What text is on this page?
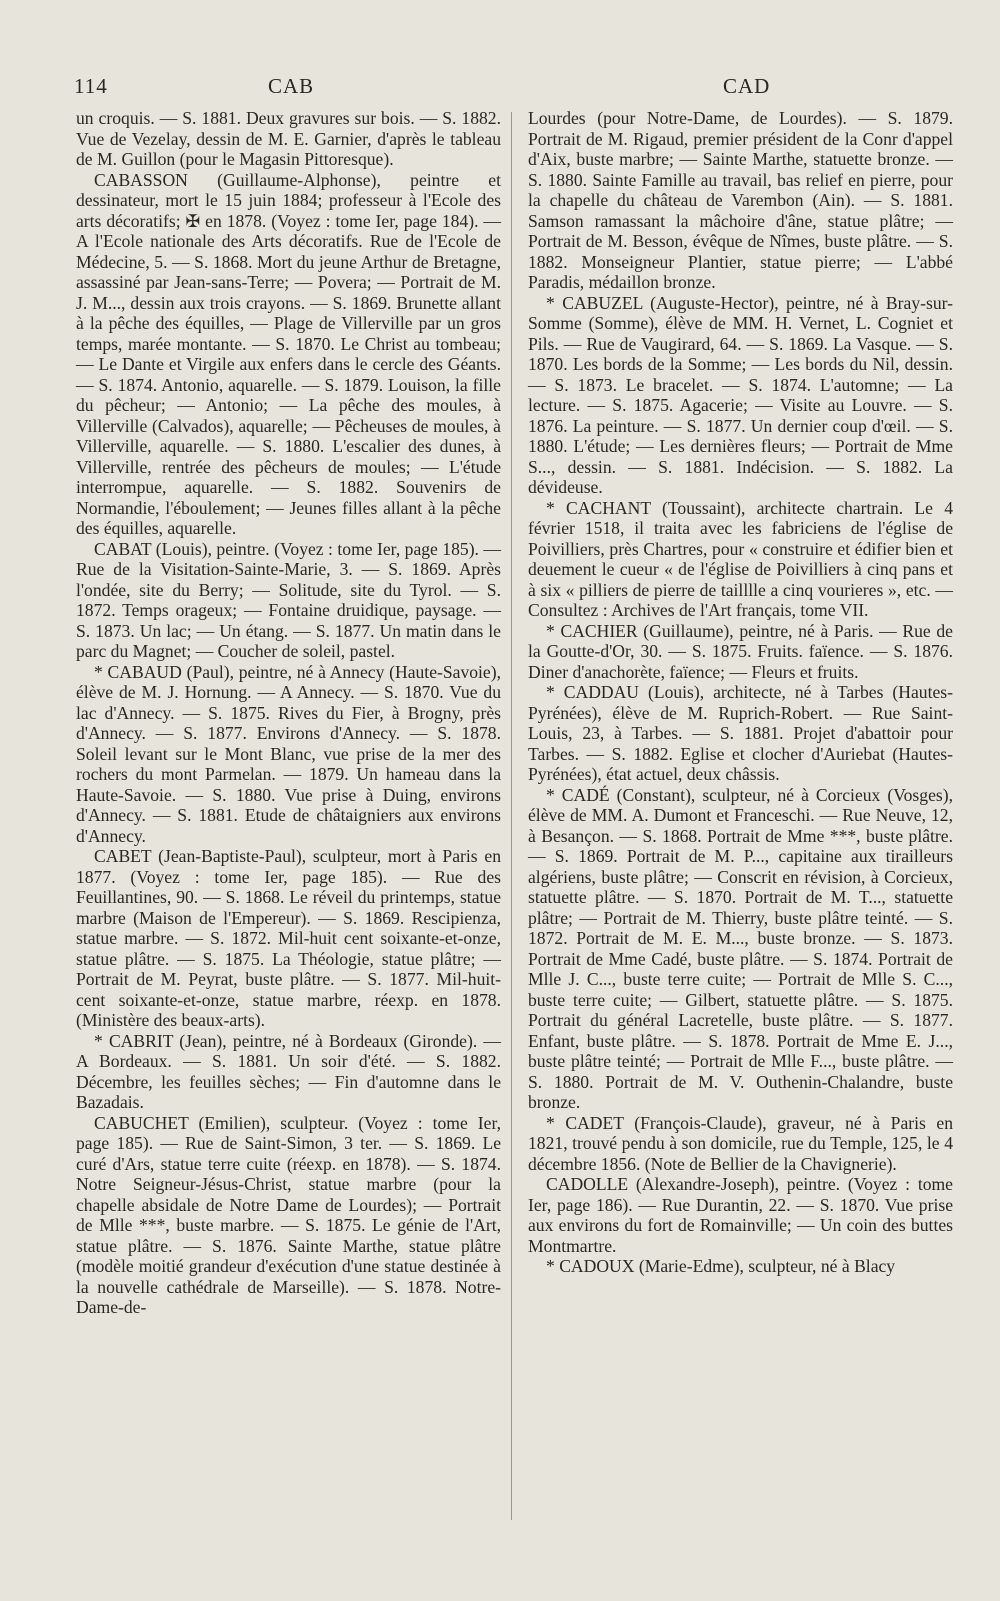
114	CAB	CAD

un croquis. — S. 1881. Deux gravures sur bois. — S. 1882. Vue de Vezelay, dessin de M. E. Garnier, d'après le tableau de M. Guillon (pour le Magasin Pittoresque).

CABASSON (Guillaume-Alphonse), peintre et dessinateur, mort le 15 juin 1884; professeur à l'Ecole des arts décoratifs; ✠ en 1878. (Voyez : tome Ier, page 184). — A l'Ecole nationale des Arts décoratifs. Rue de l'Ecole de Médecine, 5. — S. 1868. Mort du jeune Arthur de Bretagne, assassiné par Jean-sans-Terre; — Povera; — Portrait de M. J. M..., dessin aux trois crayons. — S. 1869. Brunette allant à la pêche des équilles, — Plage de Villerville par un gros temps, marée montante. — S. 1870. Le Christ au tombeau; — Le Dante et Virgile aux enfers dans le cercle des Géants. — S. 1874. Antonio, aquarelle. — S. 1879. Louison, la fille du pêcheur; — Antonio; — La pêche des moules, à Villerville (Calvados), aquarelle; — Pêcheuses de moules, à Villerville, aquarelle. — S. 1880. L'escalier des dunes, à Villerville, rentrée des pêcheurs de moules; — L'étude interrompue, aquarelle. — S. 1882. Souvenirs de Normandie, l'éboulement; — Jeunes filles allant à la pêche des équilles, aquarelle.

CABAT (Louis), peintre. (Voyez : tome Ier, page 185). — Rue de la Visitation-Sainte-Marie, 3. — S. 1869. Après l'ondée, site du Berry; — Solitude, site du Tyrol. — S. 1872. Temps orageux; — Fontaine druidique, paysage. — S. 1873. Un lac; — Un étang. — S. 1877. Un matin dans le parc du Magnet; — Coucher de soleil, pastel.

* CABAUD (Paul), peintre, né à Annecy (Haute-Savoie), élève de M. J. Hornung. — A Annecy. — S. 1870. Vue du lac d'Annecy. — S. 1875. Rives du Fier, à Brogny, près d'Annecy. — S. 1877. Environs d'Annecy. — S. 1878. Soleil levant sur le Mont Blanc, vue prise de la mer des rochers du mont Parmelan. — 1879. Un hameau dans la Haute-Savoie. — S. 1880. Vue prise à Duing, environs d'Annecy. — S. 1881. Etude de châtaigniers aux environs d'Annecy.

CABET (Jean-Baptiste-Paul), sculpteur, mort à Paris en 1877. (Voyez : tome Ier, page 185). — Rue des Feuillantines, 90. — S. 1868. Le réveil du printemps, statue marbre (Maison de l'Empereur). — S. 1869. Rescipienza, statue marbre. — S. 1872. Mil-huit cent soixante-et-onze, statue plâtre. — S. 1875. La Théologie, statue plâtre; — Portrait de M. Peyrat, buste plâtre. — S. 1877. Mil-huit-cent soixante-et-onze, statue marbre, réexp. en 1878. (Ministère des beaux-arts).

* CABRIT (Jean), peintre, né à Bordeaux (Gironde). — A Bordeaux. — S. 1881. Un soir d'été. — S. 1882. Décembre, les feuilles sèches; — Fin d'automne dans le Bazadais.

CABUCHET (Emilien), sculpteur. (Voyez : tome Ier, page 185). — Rue de Saint-Simon, 3 ter. — S. 1869. Le curé d'Ars, statue terre cuite (réexp. en 1878). — S. 1874. Notre Seigneur-Jésus-Christ, statue marbre (pour la chapelle absidale de Notre Dame de Lourdes); — Portrait de Mlle ***, buste marbre. — S. 1875. Le génie de l'Art, statue plâtre. — S. 1876. Sainte Marthe, statue plâtre (modèle moitié grandeur d'exécution d'une statue destinée à la nouvelle cathédrale de Marseille). — S. 1878. Notre-Dame-de-

Lourdes (pour Notre-Dame, de Lourdes). — S. 1879. Portrait de M. Rigaud, premier président de la Conr d'appel d'Aix, buste marbre; — Sainte Marthe, statuette bronze. — S. 1880. Sainte Famille au travail, bas relief en pierre, pour la chapelle du château de Varembon (Ain). — S. 1881. Samson ramassant la mâchoire d'âne, statue plâtre; — Portrait de M. Besson, évêque de Nîmes, buste plâtre. — S. 1882. Monseigneur Plantier, statue pierre; — L'abbé Paradis, médaillon bronze.

* CABUZEL (Auguste-Hector), peintre, né à Bray-sur-Somme (Somme), élève de MM. H. Vernet, L. Cogniet et Pils. — Rue de Vaugirard, 64. — S. 1869. La Vasque. — S. 1870. Les bords de la Somme; — Les bords du Nil, dessin. — S. 1873. Le bracelet. — S. 1874. L'automne; — La lecture. — S. 1875. Agacerie; — Visite au Louvre. — S. 1876. La peinture. — S. 1877. Un dernier coup d'œil. — S. 1880. L'étude; — Les dernières fleurs; — Portrait de Mme S..., dessin. — S. 1881. Indécision. — S. 1882. La dévideuse.

* CACHANT (Toussaint), architecte chartrain. Le 4 février 1518, il traita avec les fabriciens de l'église de Poivilliers, près Chartres, pour « construire et édifier bien et deuement le cueur « de l'église de Poivilliers à cinq pans et à six « pilliers de pierre de tailllle a cinq vourieres », etc. — Consultez : Archives de l'Art français, tome VII.

* CACHIER (Guillaume), peintre, né à Paris. — Rue de la Goutte-d'Or, 30. — S. 1875. Fruits. faïence. — S. 1876. Diner d'anachorète, faïence; — Fleurs et fruits.

* CADDAU (Louis), architecte, né à Tarbes (Hautes-Pyrénées), élève de M. Ruprich-Robert. — Rue Saint-Louis, 23, à Tarbes. — S. 1881. Projet d'abattoir pour Tarbes. — S. 1882. Eglise et clocher d'Auriebat (Hautes-Pyrénées), état actuel, deux châssis.

* CADÉ (Constant), sculpteur, né à Corcieux (Vosges), élève de MM. A. Dumont et Franceschi. — Rue Neuve, 12, à Besançon. — S. 1868. Portrait de Mme ***, buste plâtre. — S. 1869. Portrait de M. P..., capitaine aux tirailleurs algériens, buste plâtre; — Conscrit en révision, à Corcieux, statuette plâtre. — S. 1870. Portrait de M. T..., statuette plâtre; — Portrait de M. Thierry, buste plâtre teinté. — S. 1872. Portrait de M. E. M..., buste bronze. — S. 1873. Portrait de Mme Cadé, buste plâtre. — S. 1874. Portrait de Mlle J. C..., buste terre cuite; — Portrait de Mlle S. C..., buste terre cuite; — Gilbert, statuette plâtre. — S. 1875. Portrait du général Lacretelle, buste plâtre. — S. 1877. Enfant, buste plâtre. — S. 1878. Portrait de Mme E. J..., buste plâtre teinté; — Portrait de Mlle F..., buste plâtre. — S. 1880. Portrait de M. V. Outhenin-Chalandre, buste bronze.

* CADET (François-Claude), graveur, né à Paris en 1821, trouvé pendu à son domicile, rue du Temple, 125, le 4 décembre 1856. (Note de Bellier de la Chavignerie).

CADOLLE (Alexandre-Joseph), peintre. (Voyez : tome Ier, page 186). — Rue Durantin, 22. — S. 1870. Vue prise aux environs du fort de Romainville; — Un coin des buttes Montmartre.

* CADOUX (Marie-Edme), sculpteur, né à Blacy
